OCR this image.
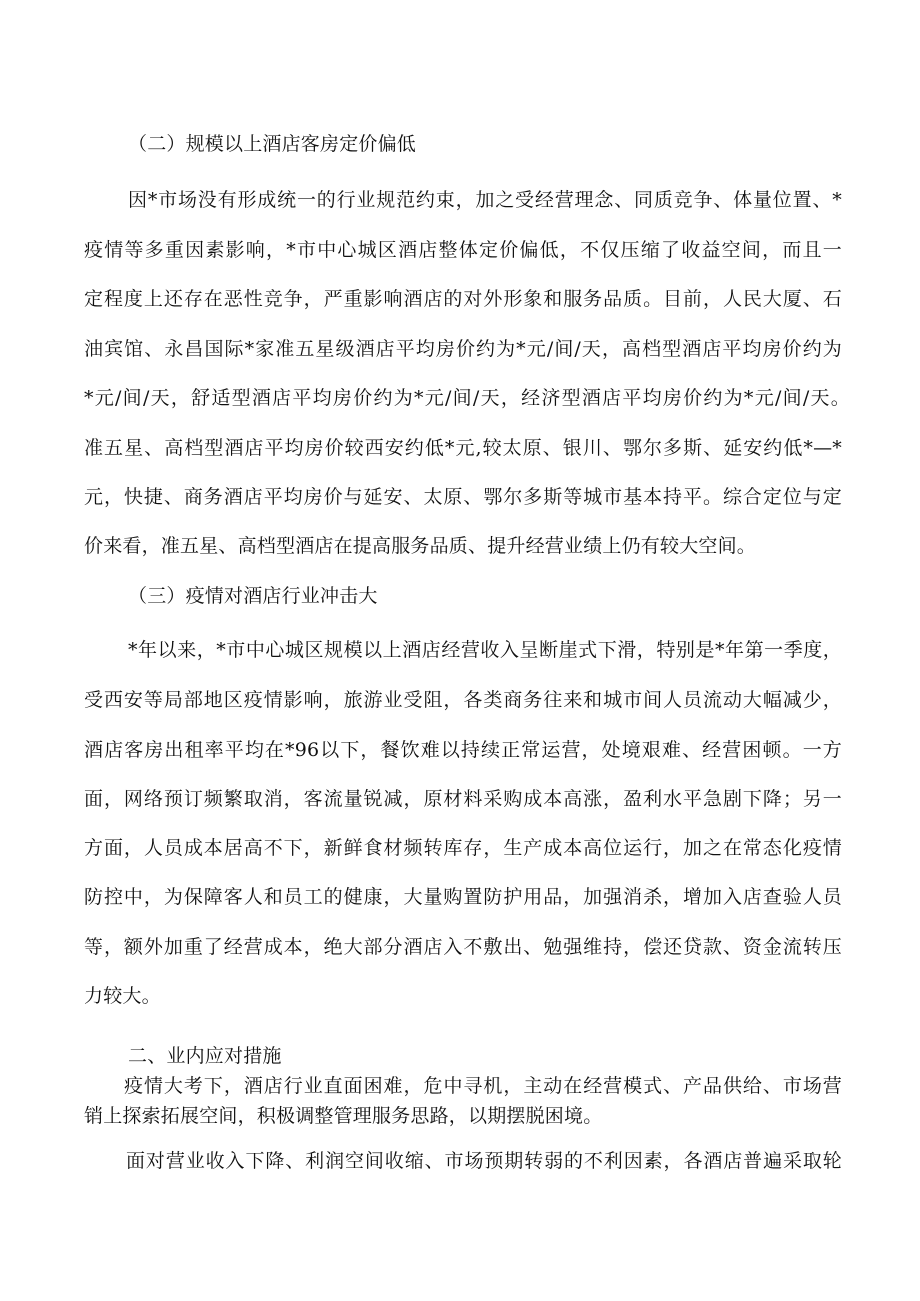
（二）规模以上酒店客房定价偏低
因*市场没有形成统一的行业规范约束，加之受经营理念、同质竞争、体量位置、*
疫情等多重因素影响，*市中心城区酒店整体定价偏低，不仅压缩了收益空间，而且一
定程度上还存在恶性竞争，严重影响酒店的对外形象和服务品质。目前，人民大厦、石
油宾馆、永昌国际*家准五星级酒店平均房价约为*元/间/天，高档型酒店平均房价约为
*元/间/天，舒适型酒店平均房价约为*元/间/天，经济型酒店平均房价约为*元/间/天。
准五星、高档型酒店平均房价较西安约低*元,较太原、银川、鄂尔多斯、延安约低*—*
元，快捷、商务酒店平均房价与延安、太原、鄂尔多斯等城市基本持平。综合定位与定
价来看，准五星、高档型酒店在提高服务品质、提升经营业绩上仍有较大空间。
（三）疫情对酒店行业冲击大
*年以来，*市中心城区规模以上酒店经营收入呈断崖式下滑，特别是*年第一季度，
受西安等局部地区疫情影响，旅游业受阻，各类商务往来和城市间人员流动大幅减少，
酒店客房出租率平均在*96以下，餐饮难以持续正常运营，处境艰难、经营困顿。一方
面，网络预订频繁取消，客流量锐减，原材料采购成本高涨，盈利水平急剧下降；另一
方面，人员成本居高不下，新鲜食材频转库存，生产成本高位运行，加之在常态化疫情
防控中，为保障客人和员工的健康，大量购置防护用品，加强消杀，增加入店查验人员
等，额外加重了经营成本，绝大部分酒店入不敷出、勉强维持，偿还贷款、资金流转压
力较大。
二、业内应对措施
疫情大考下，酒店行业直面困难，危中寻机，主动在经营模式、产品供给、市场营
销上探索拓展空间，积极调整管理服务思路，以期摆脱困境。
面对营业收入下降、利润空间收缩、市场预期转弱的不利因素，各酒店普遍采取轮
